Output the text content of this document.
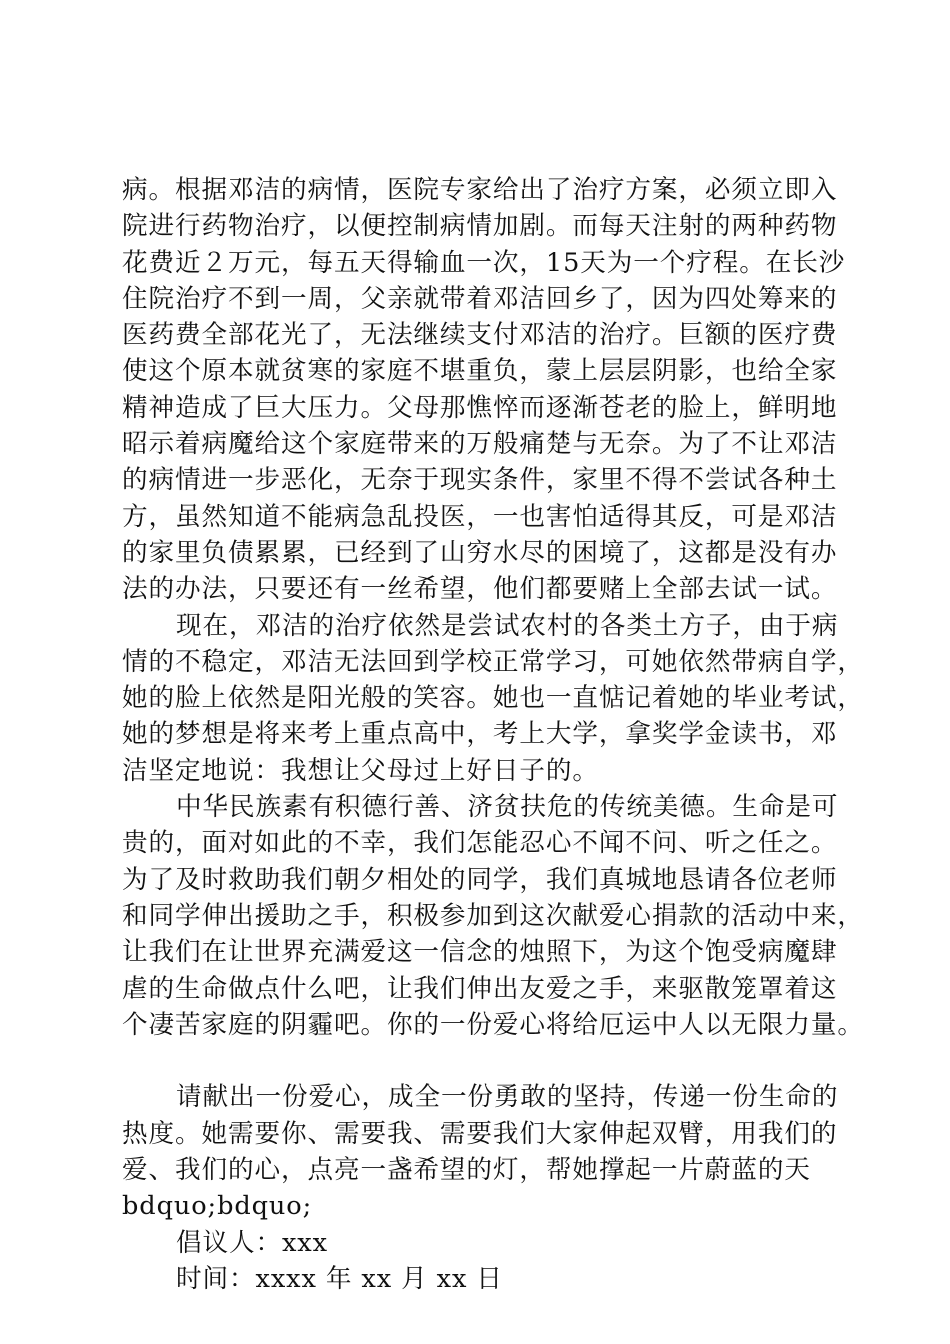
病。根据邓洁的病情，医院专家给出了治疗方案，必须立即入
院进行药物治疗，以便控制病情加剧。而每天注射的两种药物
花费近２万元，每五天得输血一次，15天为一个疗程。在长沙
住院治疗不到一周，父亲就带着邓洁回乡了，因为四处筹来的
医药费全部花光了，无法继续支付邓洁的治疗。巨额的医疗费
使这个原本就贫寒的家庭不堪重负，蒙上层层阴影，也给全家
精神造成了巨大压力。父母那憔悴而逐渐苍老的脸上，鲜明地
昭示着病魔给这个家庭带来的万般痛楚与无奈。为了不让邓洁
的病情进一步恶化，无奈于现实条件，家里不得不尝试各种土
方，虽然知道不能病急乱投医，一也害怕适得其反，可是邓洁
的家里负债累累，已经到了山穷水尽的困境了，这都是没有办
法的办法，只要还有一丝希望，他们都要赌上全部去试一试。
现在，邓洁的治疗依然是尝试农村的各类土方子，由于病
情的不稳定，邓洁无法回到学校正常学习，可她依然带病自学，
她的脸上依然是阳光般的笑容。她也一直惦记着她的毕业考试，
她的梦想是将来考上重点高中，考上大学，拿奖学金读书，邓
洁坚定地说：我想让父母过上好日子的。
中华民族素有积德行善、济贫扶危的传统美德。生命是可
贵的，面对如此的不幸，我们怎能忍心不闻不问、听之任之。
为了及时救助我们朝夕相处的同学，我们真城地恳请各位老师
和同学伸出援助之手，积极参加到这次献爱心捐款的活动中来，
让我们在让世界充满爱这一信念的烛照下，为这个饱受病魔肆
虐的生命做点什么吧，让我们伸出友爱之手，来驱散笼罩着这
个凄苦家庭的阴霾吧。你的一份爱心将给厄运中人以无限力量。
请献出一份爱心，成全一份勇敢的坚持，传递一份生命的
热度。她需要你、需要我、需要我们大家伸起双臂，用我们的
爱、我们的心，点亮一盏希望的灯，帮她撑起一片蔚蓝的天
bdquo;bdquo;
倡议人：xxx
时间：xxxx 年 xx 月 xx 日
